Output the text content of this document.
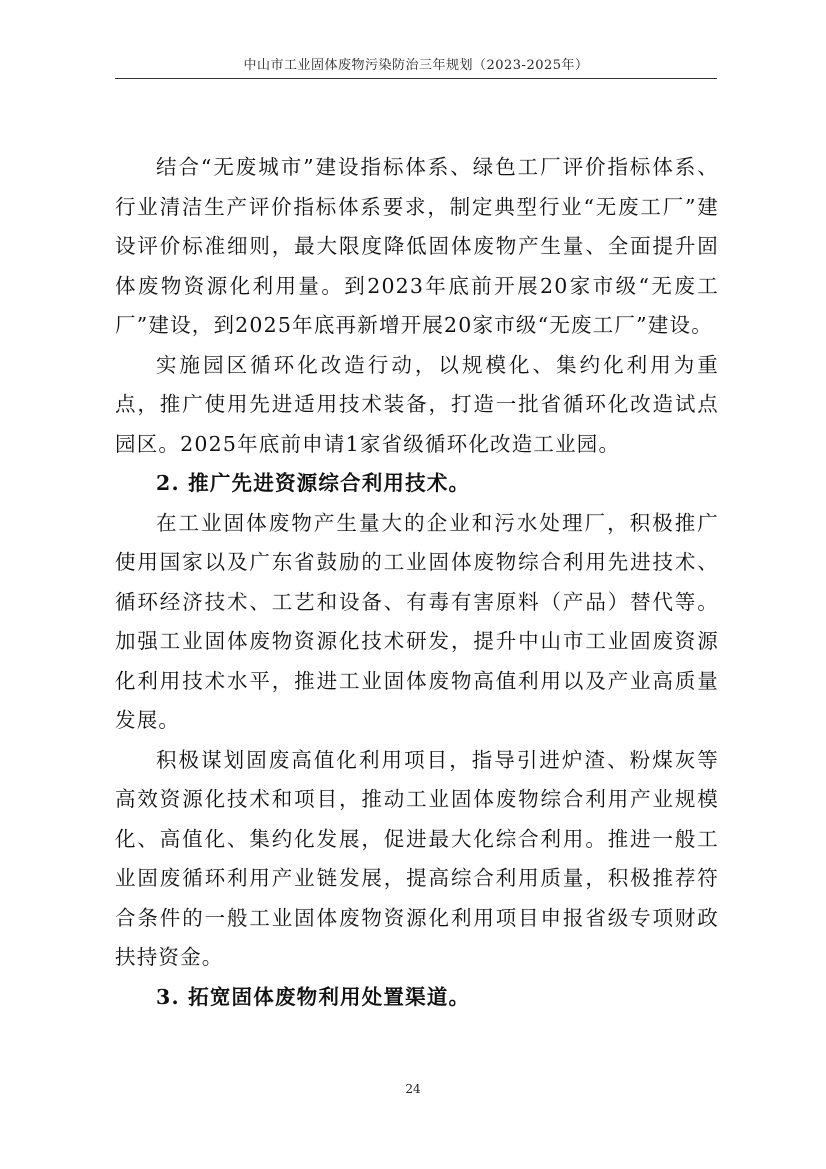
中山市工业固体废物污染防治三年规划（2023-2025年）

结合“无废城市”建设指标体系、绿色工厂评价指标体系、行业清洁生产评价指标体系要求，制定典型行业“无废工厂”建设评价标准细则，最大限度降低固体废物产生量、全面提升固体废物资源化利用量。到2023年底前开展20家市级“无废工厂”建设，到2025年底再新增开展20家市级“无废工厂”建设。

实施园区循环化改造行动，以规模化、集约化利用为重点，推广使用先进适用技术装备，打造一批省循环化改造试点园区。2025年底前申请1家省级循环化改造工业园。

2. 推广先进资源综合利用技术。

在工业固体废物产生量大的企业和污水处理厂，积极推广使用国家以及广东省鼓励的工业固体废物综合利用先进技术、循环经济技术、工艺和设备、有毒有害原料（产品）替代等。加强工业固体废物资源化技术研发，提升中山市工业固废资源化利用技术水平，推进工业固体废物高值利用以及产业高质量发展。

积极谋划固废高值化利用项目，指导引进炉渣、粉煤灰等高效资源化技术和项目，推动工业固体废物综合利用产业规模化、高值化、集约化发展，促进最大化综合利用。推进一般工业固废循环利用产业链发展，提高综合利用质量，积极推荐符合条件的一般工业固体废物资源化利用项目申报省级专项财政扶持资金。

3. 拓宽固体废物利用处置渠道。

24
